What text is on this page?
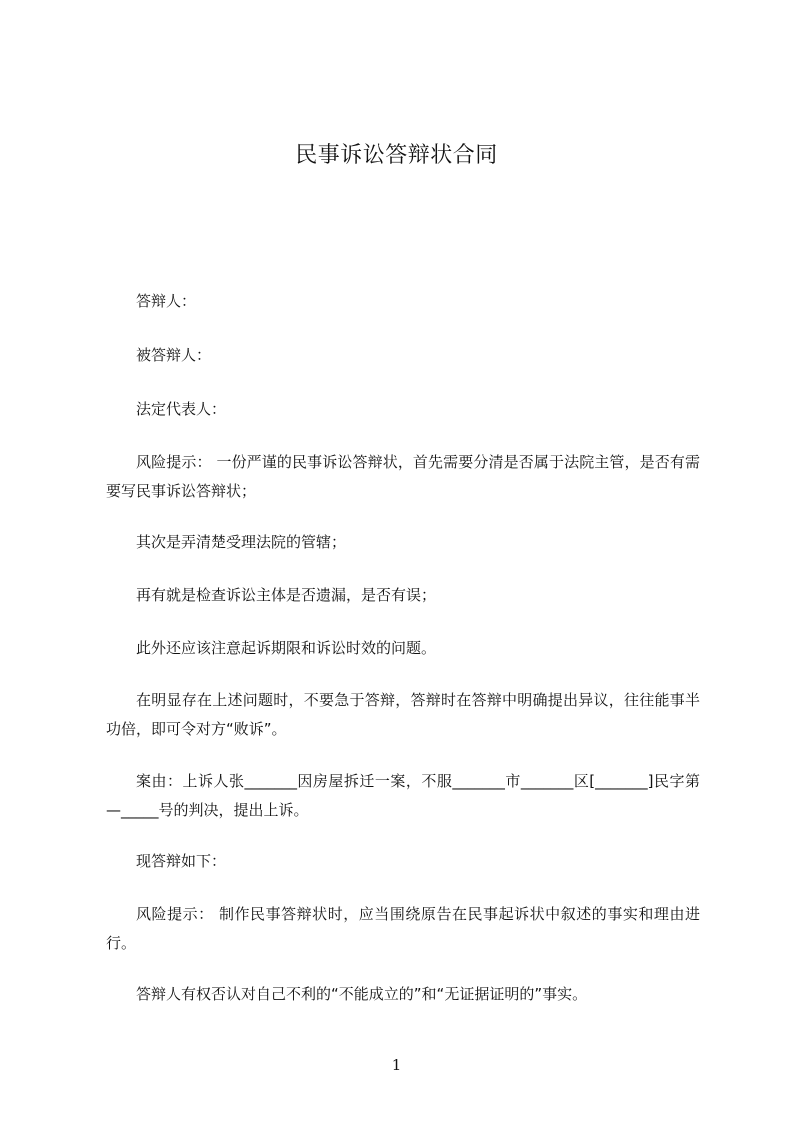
民事诉讼答辩状合同

答辩人：

被答辩人：

法定代表人：

风险提示： 一份严谨的民事诉讼答辩状，首先需要分清是否属于法院主管，是否有需要写民事诉讼答辩状；

其次是弄清楚受理法院的管辖；

再有就是检查诉讼主体是否遗漏，是否有误；

此外还应该注意起诉期限和诉讼时效的问题。

在明显存在上述问题时，不要急于答辩，答辩时在答辩中明确提出异议，往往能事半功倍，即可令对方“败诉”。

案由：上诉人张_______因房屋拆迁一案，不服_______市_______区[_______]民字第—_____号的判决，提出上诉。

现答辩如下：

风险提示： 制作民事答辩状时，应当围绕原告在民事起诉状中叙述的事实和理由进行。

答辩人有权否认对自己不利的“不能成立的”和“无证据证明的”事实。

1
